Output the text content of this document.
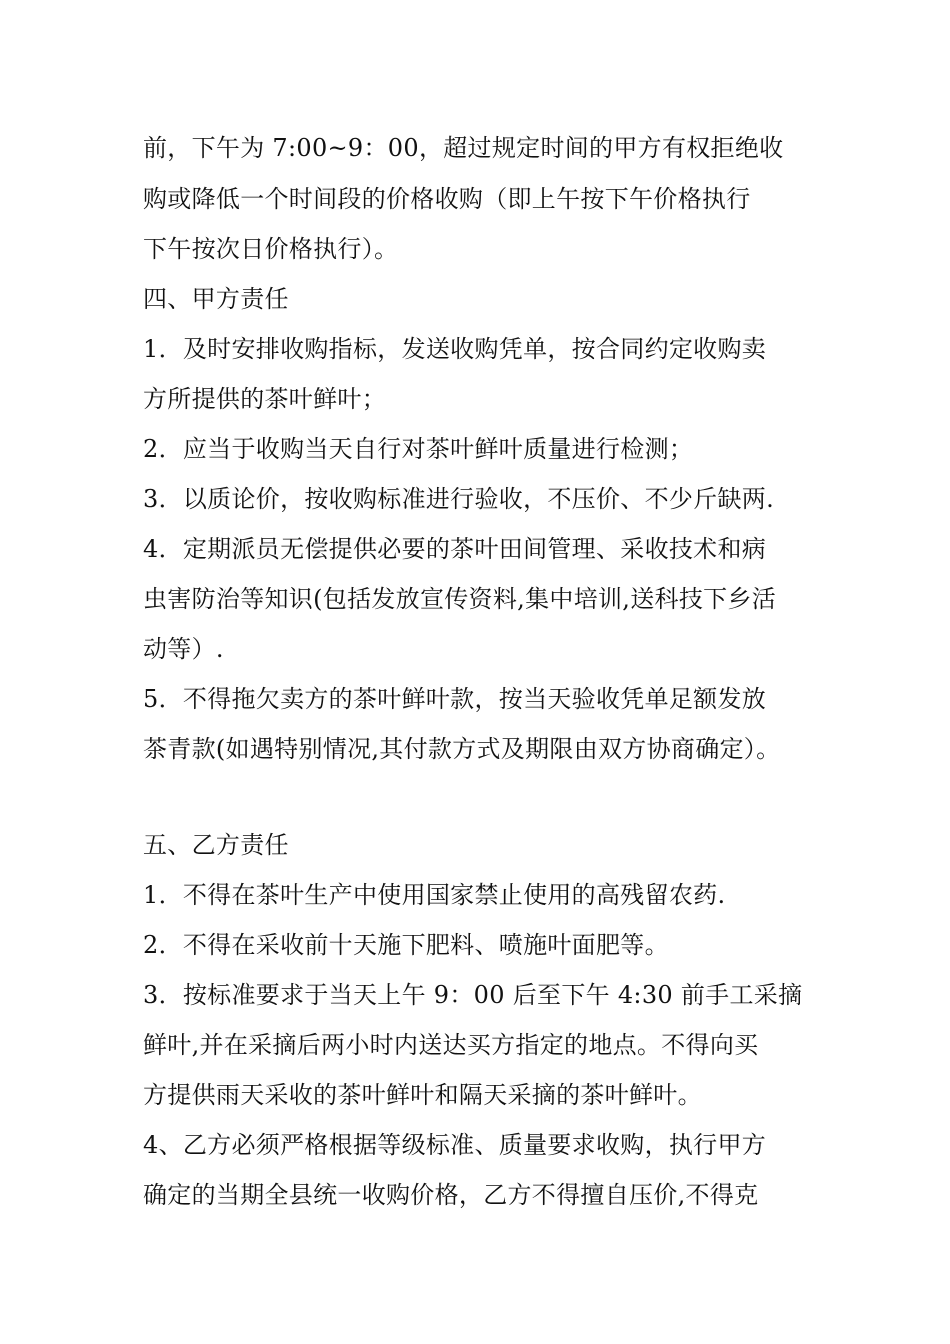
前，下午为 7:00~9：00，超过规定时间的甲方有权拒绝收
购或降低一个时间段的价格收购（即上午按下午价格执行
下午按次日价格执行）。
四、甲方责任
1．及时安排收购指标，发送收购凭单，按合同约定收购卖
方所提供的茶叶鲜叶；
2．应当于收购当天自行对茶叶鲜叶质量进行检测；
3．以质论价，按收购标准进行验收，不压价、不少斤缺两.
4．定期派员无偿提供必要的茶叶田间管理、采收技术和病
虫害防治等知识(包括发放宣传资料,集中培训,送科技下乡活
动等）.
5．不得拖欠卖方的茶叶鲜叶款，按当天验收凭单足额发放
茶青款(如遇特别情况,其付款方式及期限由双方协商确定）。
五、乙方责任
1．不得在茶叶生产中使用国家禁止使用的高残留农药.
2．不得在采收前十天施下肥料、喷施叶面肥等。
3．按标准要求于当天上午 9：00 后至下午 4:30 前手工采摘
鲜叶,并在采摘后两小时内送达买方指定的地点。不得向买
方提供雨天采收的茶叶鲜叶和隔天采摘的茶叶鲜叶。
4、乙方必须严格根据等级标准、质量要求收购，执行甲方
确定的当期全县统一收购价格，乙方不得擅自压价,不得克
